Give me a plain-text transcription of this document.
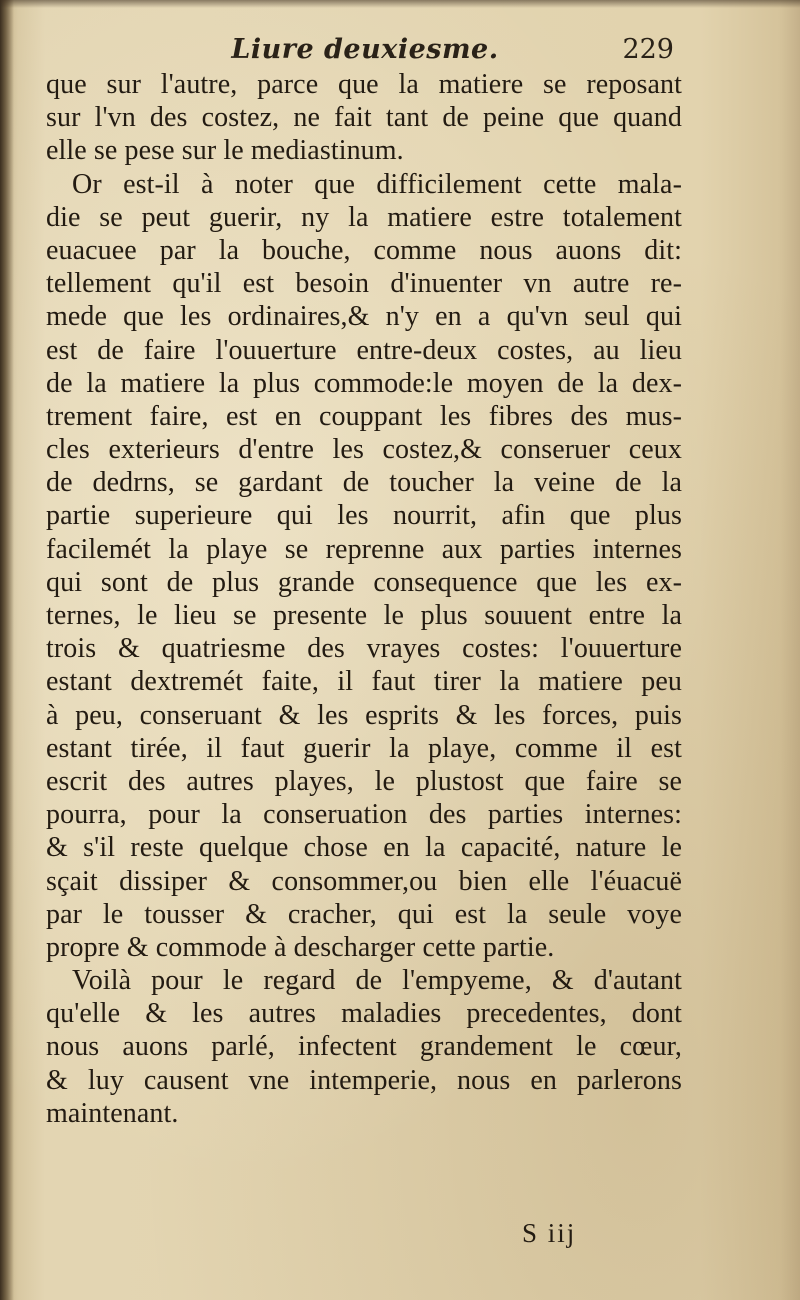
Liure deuxiesme.	229
que sur l'autre, parce que la matiere se reposant
sur l'vn des costez, ne fait tant de peine que quand
elle se pese sur le mediastinum.
Or est-il à noter que difficilement cette mala-
die se peut guerir, ny la matiere estre totalement
euacuee par la bouche, comme nous auons dit:
tellement qu'il est besoin d'inuenter vn autre re-
mede que les ordinaires,& n'y en a qu'vn seul qui
est de faire l'ouuerture entre-deux costes, au lieu
de la matiere la plus commode:le moyen de la dex-
trement faire, est en couppant les fibres des mus-
cles exterieurs d'entre les costez,& conseruer ceux
de dedrns, se gardant de toucher la veine de la
partie superieure qui les nourrit, afin que plus
facilemét la playe se reprenne aux parties internes
qui sont de plus grande consequence que les ex-
ternes, le lieu se presente le plus souuent entre la
trois & quatriesme des vrayes costes: l'ouuerture
estant dextremét faite, il faut tirer la matiere peu
à peu, conseruant & les esprits & les forces, puis
estant tirée, il faut guerir la playe, comme il est
escrit des autres playes, le plustost que faire se
pourra, pour la conseruation des parties internes:
& s'il reste quelque chose en la capacité, nature le
sçait dissiper & consommer,ou bien elle l'éuacuë
par le tousser & cracher, qui est la seule voye
propre & commode à descharger cette partie.
Voilà pour le regard de l'empyeme, & d'autant
qu'elle & les autres maladies precedentes, dont
nous auons parlé, infectent grandement le cœur,
& luy causent vne intemperie, nous en parlerons
maintenant.
S iij
